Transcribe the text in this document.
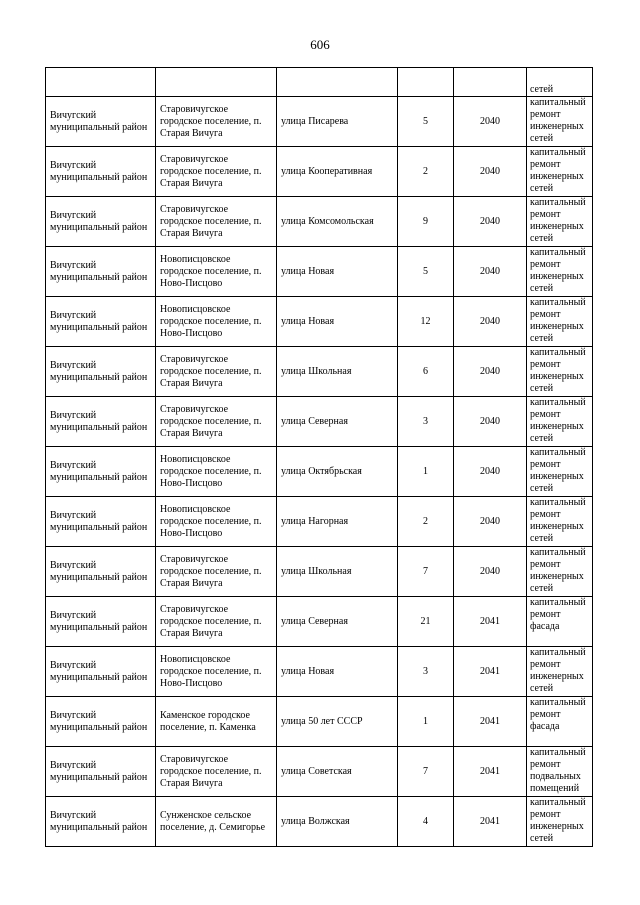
606
					сетей
Вичугский муниципальный район	Старовичугское городское поселение, п. Старая Вичуга	улица Писарева	5	2040	капитальный ремонт инженерных сетей
Вичугский муниципальный район	Старовичугское городское поселение, п. Старая Вичуга	улица Кооперативная	2	2040	капитальный ремонт инженерных сетей
Вичугский муниципальный район	Старовичугское городское поселение, п. Старая Вичуга	улица Комсомольская	9	2040	капитальный ремонт инженерных сетей
Вичугский муниципальный район	Новописцовское городское поселение, п. Ново-Писцово	улица Новая	5	2040	капитальный ремонт инженерных сетей
Вичугский муниципальный район	Новописцовское городское поселение, п. Ново-Писцово	улица Новая	12	2040	капитальный ремонт инженерных сетей
Вичугский муниципальный район	Старовичугское городское поселение, п. Старая Вичуга	улица Школьная	6	2040	капитальный ремонт инженерных сетей
Вичугский муниципальный район	Старовичугское городское поселение, п. Старая Вичуга	улица Северная	3	2040	капитальный ремонт инженерных сетей
Вичугский муниципальный район	Новописцовское городское поселение, п. Ново-Писцово	улица Октябрьская	1	2040	капитальный ремонт инженерных сетей
Вичугский муниципальный район	Новописцовское городское поселение, п. Ново-Писцово	улица Нагорная	2	2040	капитальный ремонт инженерных сетей
Вичугский муниципальный район	Старовичугское городское поселение, п. Старая Вичуга	улица Школьная	7	2040	капитальный ремонт инженерных сетей
Вичугский муниципальный район	Старовичугское городское поселение, п. Старая Вичуга	улица Северная	21	2041	капитальный ремонт фасада
Вичугский муниципальный район	Новописцовское городское поселение, п. Ново-Писцово	улица Новая	3	2041	капитальный ремонт инженерных сетей
Вичугский муниципальный район	Каменское городское поселение, п. Каменка	улица 50 лет СССР	1	2041	капитальный ремонт фасада
Вичугский муниципальный район	Старовичугское городское поселение, п. Старая Вичуга	улица Советская	7	2041	капитальный ремонт подвальных помещений
Вичугский муниципальный район	Сунженское сельское поселение, д. Семигорье	улица Волжская	4	2041	капитальный ремонт инженерных сетей
